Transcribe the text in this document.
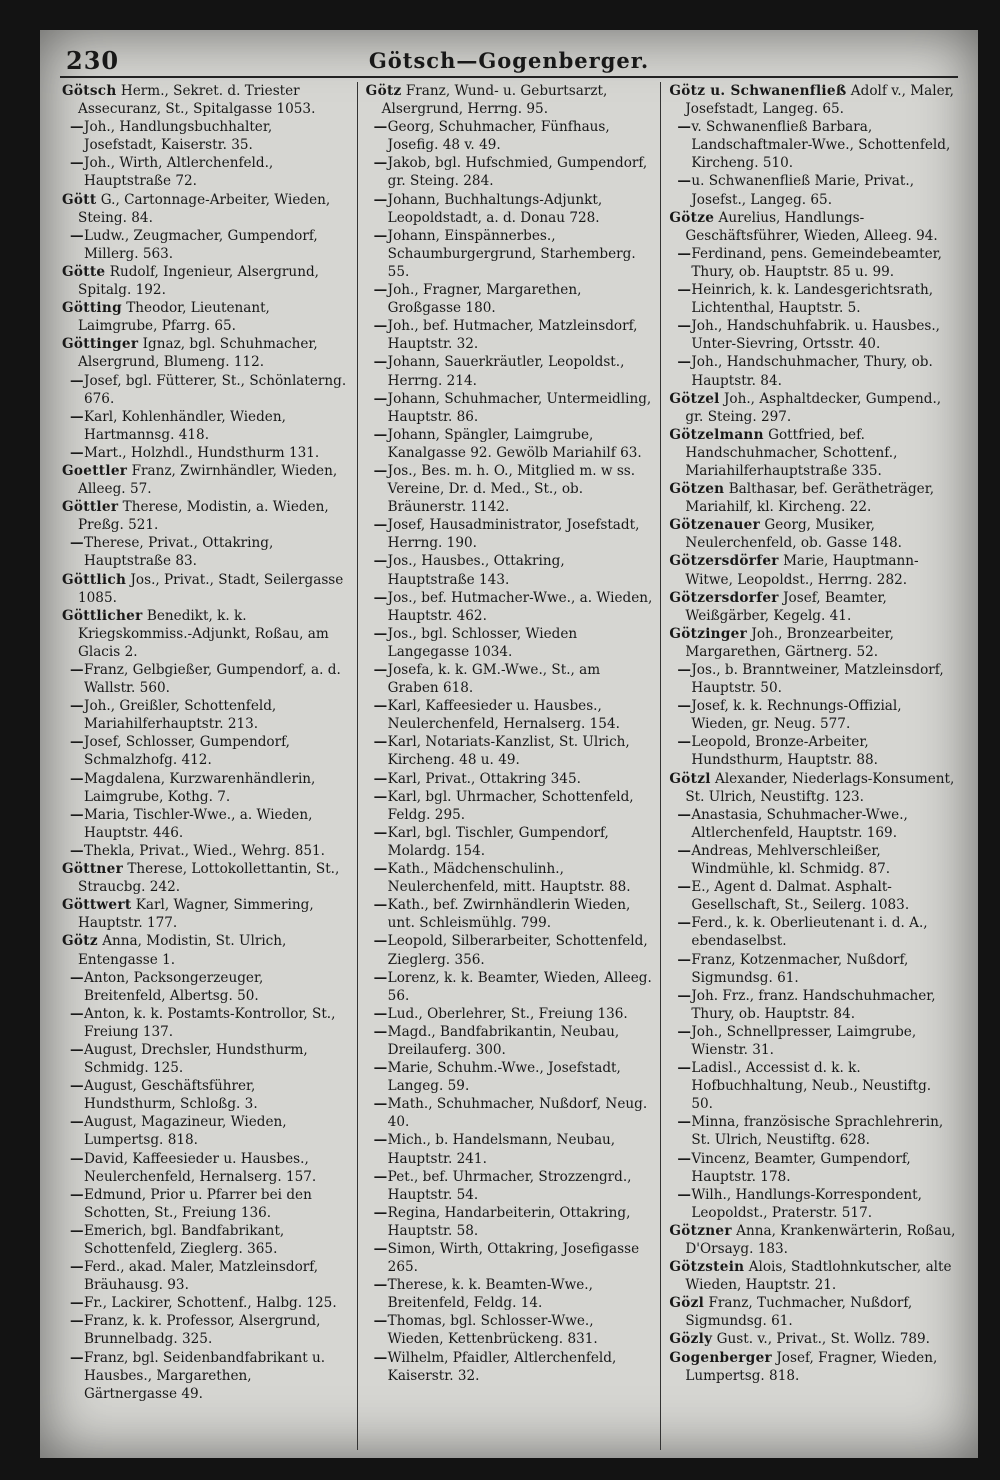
230	Götsch—Gogenberger.

Götsch Herm., Sekret. d. Triester Assecuranz, St., Spitalgasse 1053.

—Joh., Handlungsbuchhalter, Josefstadt, Kaiserstr. 35.

—Joh., Wirth, Altlerchenfeld., Hauptstraße 72.

Gött G., Cartonnage-Arbeiter, Wieden, Steing. 84.

—Ludw., Zeugmacher, Gumpendorf, Millerg. 563.

Götte Rudolf, Ingenieur, Alsergrund, Spitalg. 192.

Götting Theodor, Lieutenant, Laimgrube, Pfarrg. 65.

Göttinger Ignaz, bgl. Schuhmacher, Alsergrund, Blumeng. 112.

—Josef, bgl. Fütterer, St., Schönlaterng. 676.

—Karl, Kohlenhändler, Wieden, Hartmannsg. 418.

—Mart., Holzhdl., Hundsthurm 131.

Goettler Franz, Zwirnhändler, Wieden, Alleeg. 57.

Göttler Therese, Modistin, a. Wieden, Preßg. 521.

—Therese, Privat., Ottakring, Hauptstraße 83.

Göttlich Jos., Privat., Stadt, Seilergasse 1085.

Göttlicher Benedikt, k. k. Kriegskommiss.-Adjunkt, Roßau, am Glacis 2.

—Franz, Gelbgießer, Gumpendorf, a. d. Wallstr. 560.

—Joh., Greißler, Schottenfeld, Mariahilferhauptstr. 213.

—Josef, Schlosser, Gumpendorf, Schmalzhofg. 412.

—Magdalena, Kurzwarenhändlerin, Laimgrube, Kothg. 7.

—Maria, Tischler-Wwe., a. Wieden, Hauptstr. 446.

—Thekla, Privat., Wied., Wehrg. 851.

Göttner Therese, Lottokollettantin, St., Straucbg. 242.

Göttwert Karl, Wagner, Simmering, Hauptstr. 177.

Götz Anna, Modistin, St. Ulrich, Entengasse 1.

—Anton, Packsongerzeuger, Breitenfeld, Albertsg. 50.

—Anton, k. k. Postamts-Kontrollor, St., Freiung 137.

—August, Drechsler, Hundsthurm, Schmidg. 125.

—August, Geschäftsführer, Hundsthurm, Schloßg. 3.

—August, Magazineur, Wieden, Lumpertsg. 818.

—David, Kaffeesieder u. Hausbes., Neulerchenfeld, Hernalserg. 157.

—Edmund, Prior u. Pfarrer bei den Schotten, St., Freiung 136.

—Emerich, bgl. Bandfabrikant, Schottenfeld, Zieglerg. 365.

—Ferd., akad. Maler, Matzleinsdorf, Bräuhausg. 93.

—Fr., Lackirer, Schottenf., Halbg. 125.

—Franz, k. k. Professor, Alsergrund, Brunnelbadg. 325.

—Franz, bgl. Seidenbandfabrikant u. Hausbes., Margarethen, Gärtnergasse 49.

Götz Franz, Wund- u. Geburtsarzt, Alsergrund, Herrng. 95.

—Georg, Schuhmacher, Fünfhaus, Josefig. 48 v. 49.

—Jakob, bgl. Hufschmied, Gumpendorf, gr. Steing. 284.

—Johann, Buchhaltungs-Adjunkt, Leopoldstadt, a. d. Donau 728.

—Johann, Einspännerbes., Schaumburgergrund, Starhemberg. 55.

—Joh., Fragner, Margarethen, Großgasse 180.

—Joh., bef. Hutmacher, Matzleinsdorf, Hauptstr. 32.

—Johann, Sauerkräutler, Leopoldst., Herrng. 214.

—Johann, Schuhmacher, Untermeidling, Hauptstr. 86.

—Johann, Spängler, Laimgrube, Kanalgasse 92. Gewölb Mariahilf 63.

—Jos., Bes. m. h. O., Mitglied m. w ss. Vereine, Dr. d. Med., St., ob. Bräunerstr. 1142.

—Josef, Hausadministrator, Josefstadt, Herrng. 190.

—Jos., Hausbes., Ottakring, Hauptstraße 143.

—Jos., bef. Hutmacher-Wwe., a. Wieden, Hauptstr. 462.

—Jos., bgl. Schlosser, Wieden Langegasse 1034.

—Josefa, k. k. GM.-Wwe., St., am Graben 618.

—Karl, Kaffeesieder u. Hausbes., Neulerchenfeld, Hernalserg. 154.

—Karl, Notariats-Kanzlist, St. Ulrich, Kircheng. 48 u. 49.

—Karl, Privat., Ottakring 345.

—Karl, bgl. Uhrmacher, Schottenfeld, Feldg. 295.

—Karl, bgl. Tischler, Gumpendorf, Molardg. 154.

—Kath., Mädchenschulinh., Neulerchenfeld, mitt. Hauptstr. 88.

—Kath., bef. Zwirnhändlerin Wieden, unt. Schleismühlg. 799.

—Leopold, Silberarbeiter, Schottenfeld, Zieglerg. 356.

—Lorenz, k. k. Beamter, Wieden, Alleeg. 56.

—Lud., Oberlehrer, St., Freiung 136.

—Magd., Bandfabrikantin, Neubau, Dreilauferg. 300.

—Marie, Schuhm.-Wwe., Josefstadt, Langeg. 59.

—Math., Schuhmacher, Nußdorf, Neug. 40.

—Mich., b. Handelsmann, Neubau, Hauptstr. 241.

—Pet., bef. Uhrmacher, Strozzengrd., Hauptstr. 54.

—Regina, Handarbeiterin, Ottakring, Hauptstr. 58.

—Simon, Wirth, Ottakring, Josefigasse 265.

—Therese, k. k. Beamten-Wwe., Breitenfeld, Feldg. 14.

—Thomas, bgl. Schlosser-Wwe., Wieden, Kettenbrückeng. 831.

—Wilhelm, Pfaidler, Altlerchenfeld, Kaiserstr. 32.

Götz u. Schwanenfließ Adolf v., Maler, Josefstadt, Langeg. 65.

—v. Schwanenfließ Barbara, Landschaftmaler-Wwe., Schottenfeld, Kircheng. 510.

—u. Schwanenfließ Marie, Privat., Josefst., Langeg. 65.

Götze Aurelius, Handlungs-Geschäftsführer, Wieden, Alleeg. 94.

—Ferdinand, pens. Gemeindebeamter, Thury, ob. Hauptstr. 85 u. 99.

—Heinrich, k. k. Landesgerichtsrath, Lichtenthal, Hauptstr. 5.

—Joh., Handschuhfabrik. u. Hausbes., Unter-Sievring, Ortsstr. 40.

—Joh., Handschuhmacher, Thury, ob. Hauptstr. 84.

Götzel Joh., Asphaltdecker, Gumpend., gr. Steing. 297.

Götzelmann Gottfried, bef. Handschuhmacher, Schottenf., Mariahilferhauptstraße 335.

Götzen Balthasar, bef. Gerätheträger, Mariahilf, kl. Kircheng. 22.

Götzenauer Georg, Musiker, Neulerchenfeld, ob. Gasse 148.

Götzersdörfer Marie, Hauptmann-Witwe, Leopoldst., Herrng. 282.

Götzersdorfer Josef, Beamter, Weißgärber, Kegelg. 41.

Götzinger Joh., Bronzearbeiter, Margarethen, Gärtnerg. 52.

—Jos., b. Branntweiner, Matzleinsdorf, Hauptstr. 50.

—Josef, k. k. Rechnungs-Offizial, Wieden, gr. Neug. 577.

—Leopold, Bronze-Arbeiter, Hundsthurm, Hauptstr. 88.

Götzl Alexander, Niederlags-Konsument, St. Ulrich, Neustiftg. 123.

—Anastasia, Schuhmacher-Wwe., Altlerchenfeld, Hauptstr. 169.

—Andreas, Mehlverschleißer, Windmühle, kl. Schmidg. 87.

—E., Agent d. Dalmat. Asphalt-Gesellschaft, St., Seilerg. 1083.

—Ferd., k. k. Oberlieutenant i. d. A., ebendaselbst.

—Franz, Kotzenmacher, Nußdorf, Sigmundsg. 61.

—Joh. Frz., franz. Handschuhmacher, Thury, ob. Hauptstr. 84.

—Joh., Schnellpresser, Laimgrube, Wienstr. 31.

—Ladisl., Accessist d. k. k. Hofbuchhaltung, Neub., Neustiftg. 50.

—Minna, französische Sprachlehrerin, St. Ulrich, Neustiftg. 628.

—Vincenz, Beamter, Gumpendorf, Hauptstr. 178.

—Wilh., Handlungs-Korrespondent, Leopoldst., Praterstr. 517.

Götzner Anna, Krankenwärterin, Roßau, D'Orsayg. 183.

Götzstein Alois, Stadtlohnkutscher, alte Wieden, Hauptstr. 21.

Gözl Franz, Tuchmacher, Nußdorf, Sigmundsg. 61.

Gözly Gust. v., Privat., St. Wollz. 789.

Gogenberger Josef, Fragner, Wieden, Lumpertsg. 818.
